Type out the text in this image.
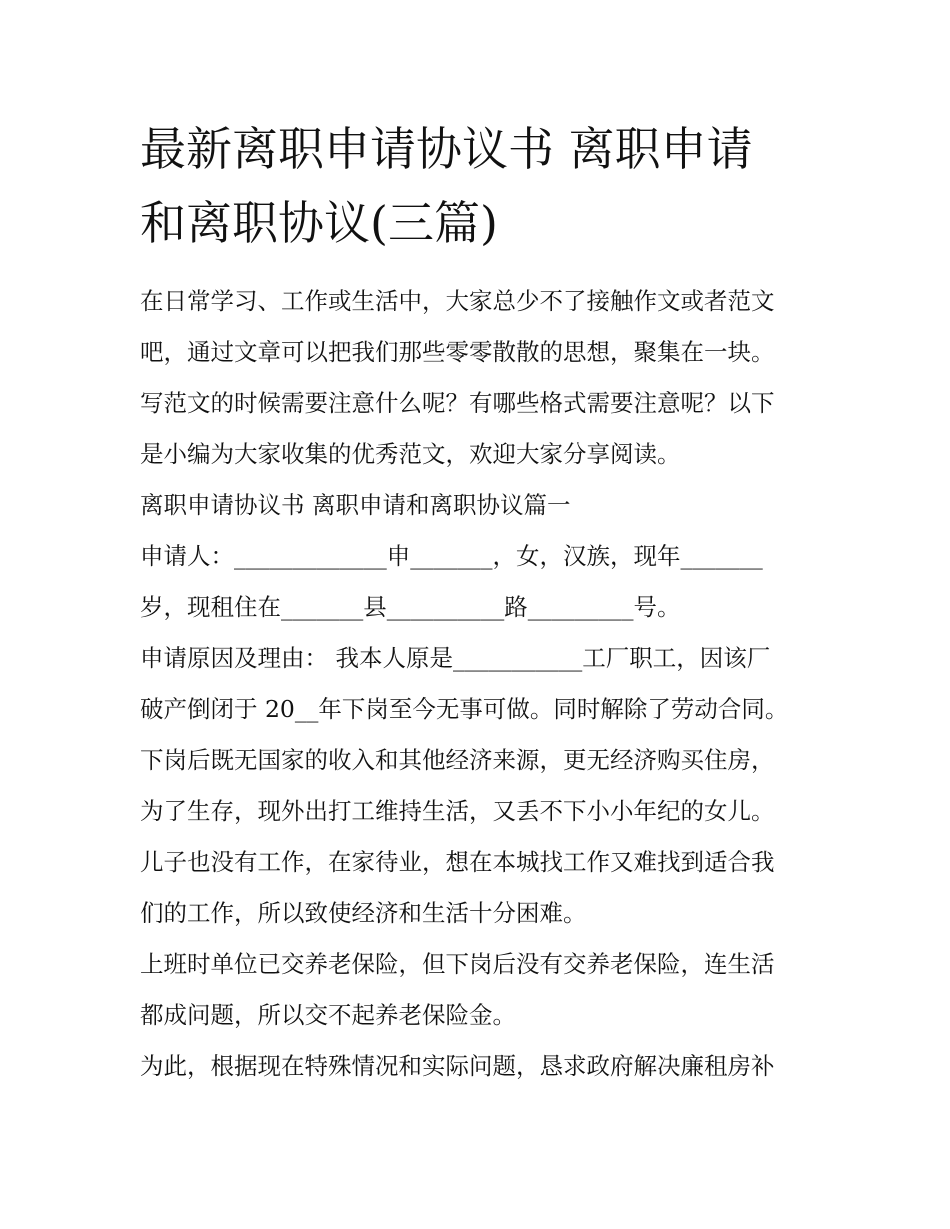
最新离职申请协议书 离职申请
和离职协议(三篇)
在日常学习、工作或生活中，大家总少不了接触作文或者范文
吧，通过文章可以把我们那些零零散散的思想，聚集在一块。
写范文的时候需要注意什么呢？有哪些格式需要注意呢？以下
是小编为大家收集的优秀范文，欢迎大家分享阅读。
离职申请协议书 离职申请和离职协议篇一
申请人：_____________申_______，女，汉族，现年_______
岁，现租住在_______县__________路_________号。
申请原因及理由： 我本人原是___________工厂职工，因该厂
破产倒闭于 20__年下岗至今无事可做。同时解除了劳动合同。
下岗后既无国家的收入和其他经济来源，更无经济购买住房，
为了生存，现外出打工维持生活，又丢不下小小年纪的女儿。
儿子也没有工作，在家待业，想在本城找工作又难找到适合我
们的工作，所以致使经济和生活十分困难。
上班时单位已交养老保险，但下岗后没有交养老保险，连生活
都成问题，所以交不起养老保险金。
为此，根据现在特殊情况和实际问题，恳求政府解决廉租房补
